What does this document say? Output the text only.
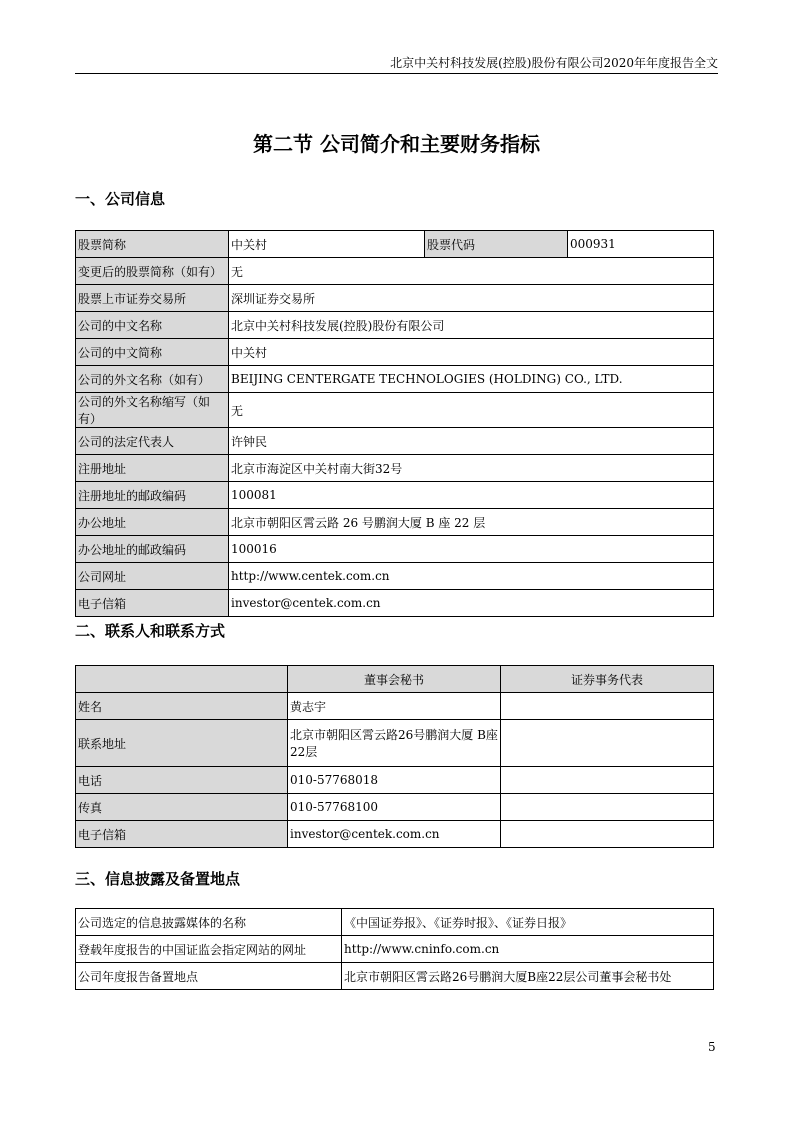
北京中关村科技发展(控股)股份有限公司2020年年度报告全文
第二节 公司简介和主要财务指标
一、公司信息
股票简称	中关村	股票代码	000931
变更后的股票简称（如有）	无		
股票上市证券交易所	深圳证券交易所		
公司的中文名称	北京中关村科技发展(控股)股份有限公司		
公司的中文简称	中关村		
公司的外文名称（如有）	BEIJING CENTERGATE TECHNOLOGIES (HOLDING) CO., LTD.		
公司的外文名称缩写（如有）	无		
公司的法定代表人	许钟民		
注册地址	北京市海淀区中关村南大街32号		
注册地址的邮政编码	100081		
办公地址	北京市朝阳区霄云路 26 号鹏润大厦 B 座 22 层		
办公地址的邮政编码	100016		
公司网址	http://www.centek.com.cn		
电子信箱	investor@centek.com.cn		
二、联系人和联系方式
	董事会秘书	证券事务代表
姓名	黄志宇	
联系地址	北京市朝阳区霄云路26号鹏润大厦 B座22层	
电话	010-57768018	
传真	010-57768100	
电子信箱	investor@centek.com.cn	
三、信息披露及备置地点
公司选定的信息披露媒体的名称	《中国证券报》、《证券时报》、《证券日报》
登载年度报告的中国证监会指定网站的网址	http://www.cninfo.com.cn
公司年度报告备置地点	北京市朝阳区霄云路26号鹏润大厦B座22层公司董事会秘书处
5
